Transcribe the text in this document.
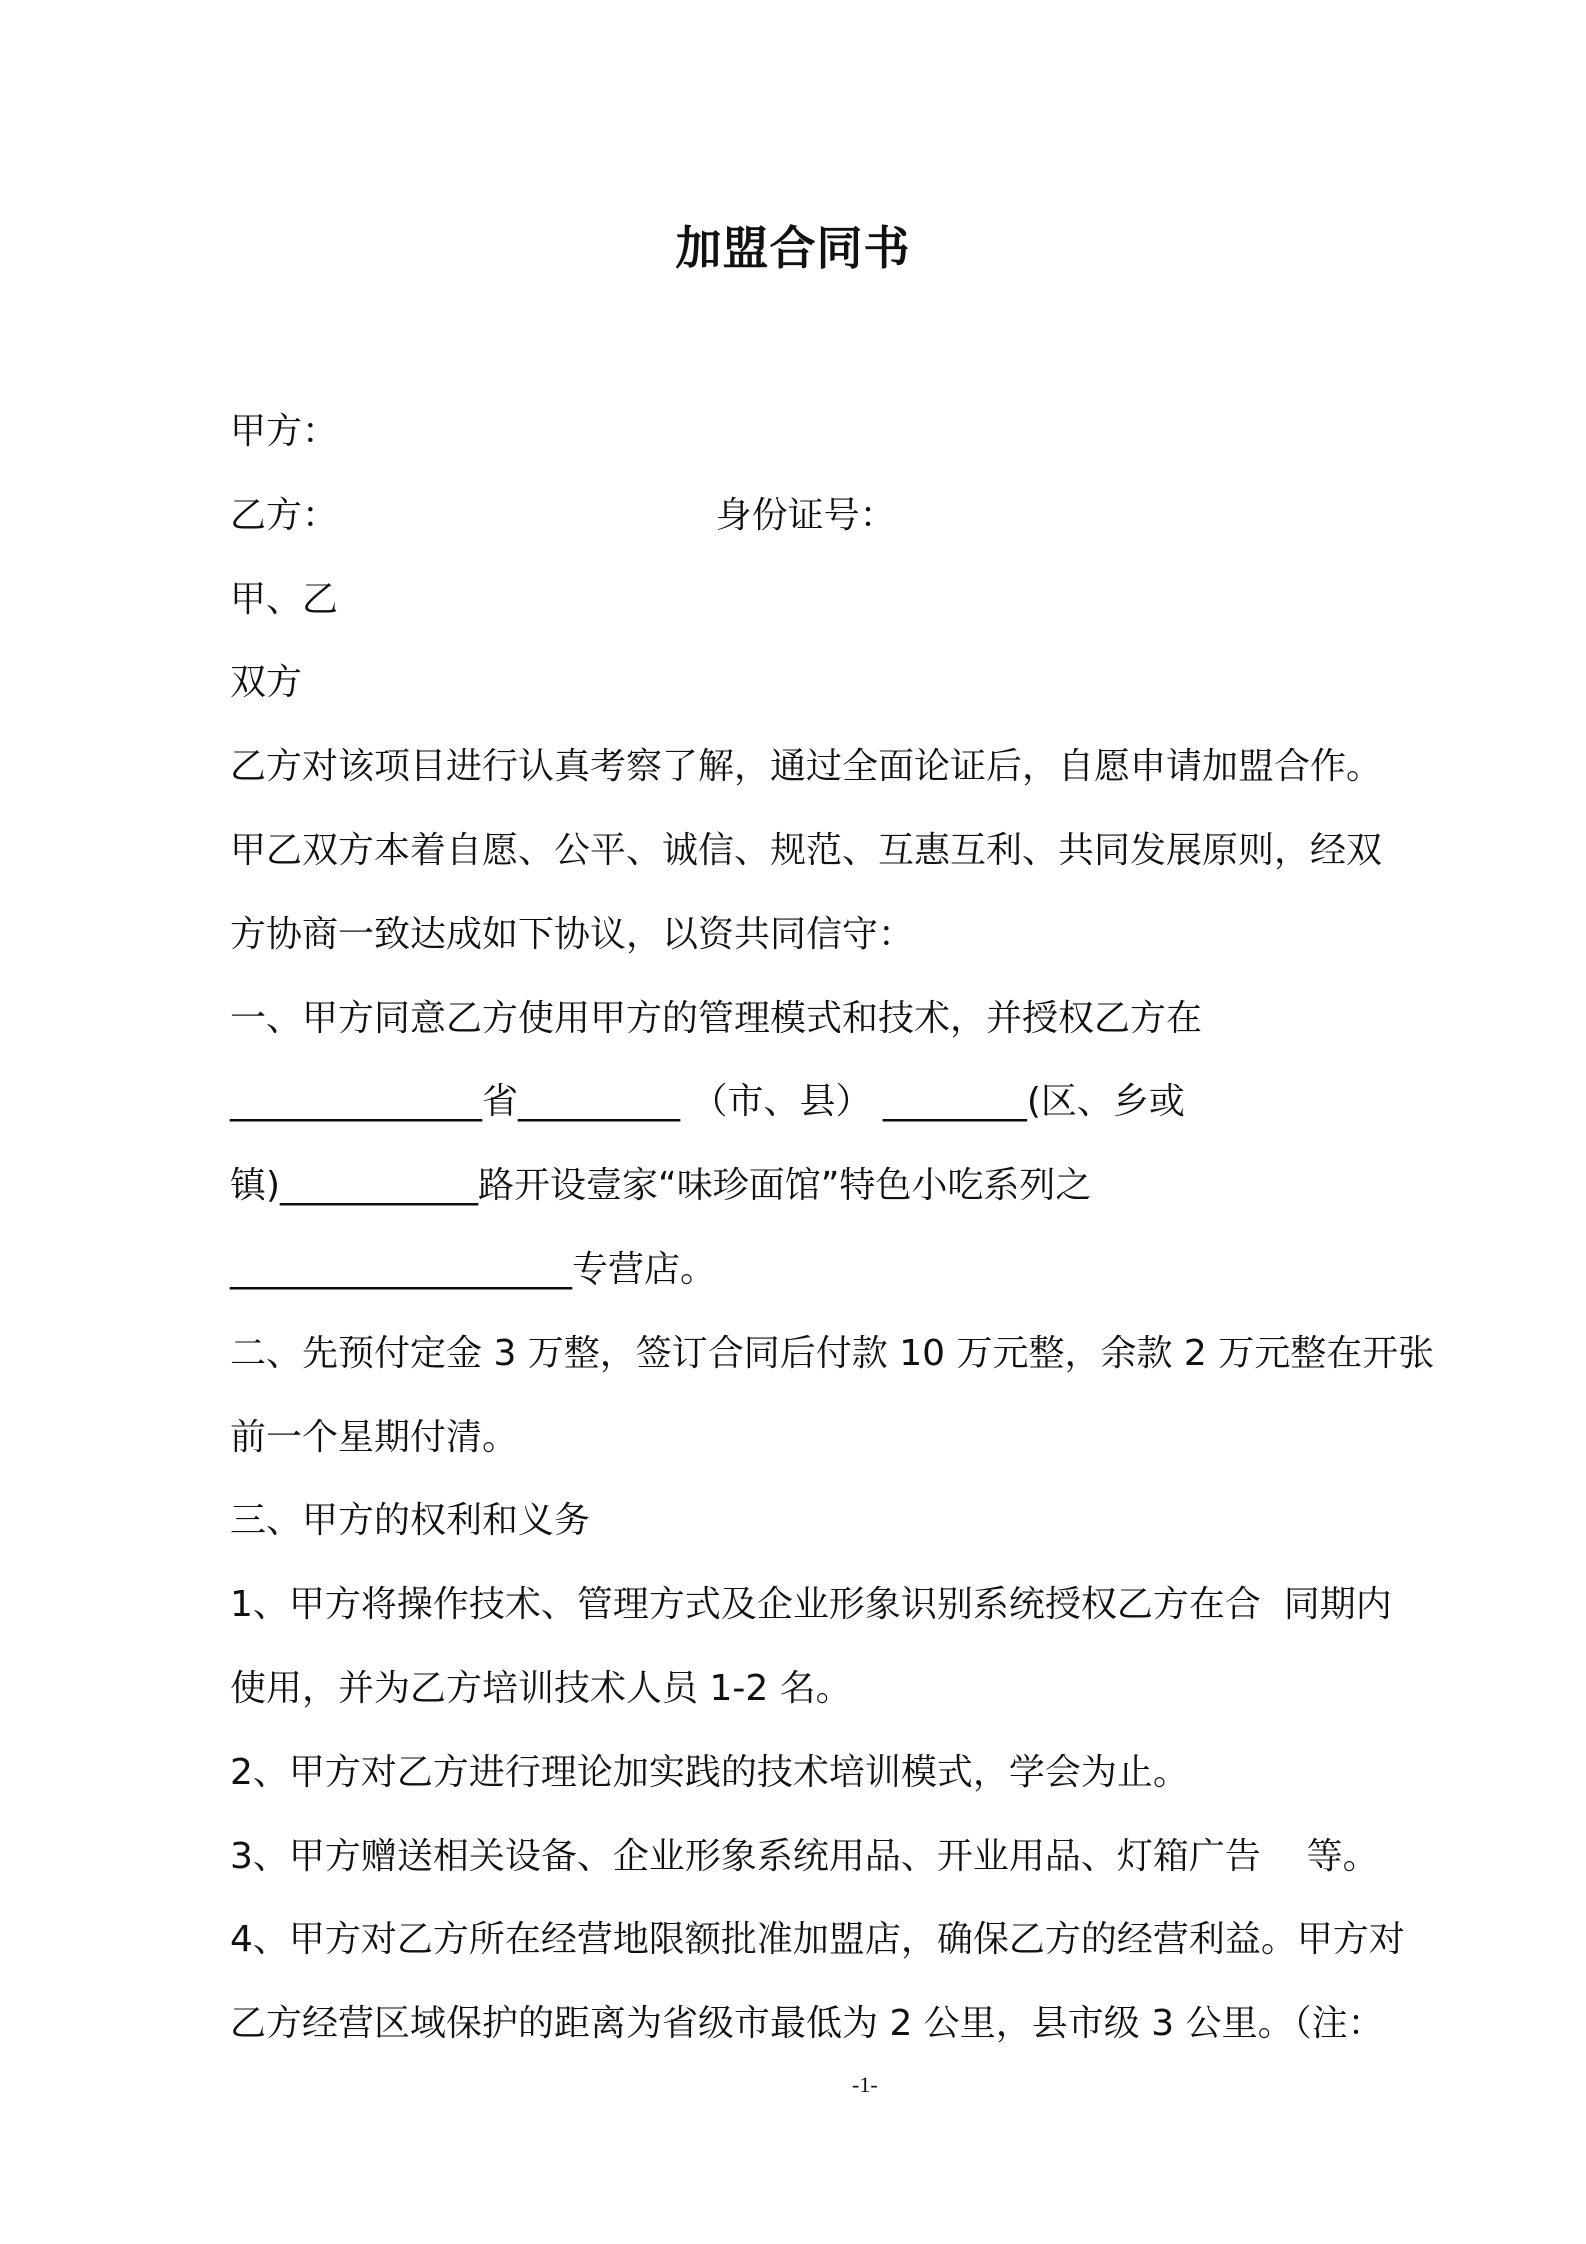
加盟合同书
甲方：
乙方：                                 身份证号：
甲、乙
双方
乙方对该项目进行认真考察了解，通过全面论证后，自愿申请加盟合作。
甲乙双方本着自愿、公平、诚信、规范、互惠互利、共同发展原则，经双
方协商一致达成如下协议，以资共同信守：
一、甲方同意乙方使用甲方的管理模式和技术，并授权乙方在
______________省_________ （市、县） ________(区、乡或
镇)___________路开设壹家“味珍面馆”特色小吃系列之
___________________专营店。
二、先预付定金 3 万整，签订合同后付款 10 万元整，余款 2 万元整在开张
前一个星期付清。
三、甲方的权利和义务
1、甲方将操作技术、管理方式及企业形象识别系统授权乙方在合  同期内
使用，并为乙方培训技术人员 1-2 名。
2、甲方对乙方进行理论加实践的技术培训模式，学会为止。
3、甲方赠送相关设备、企业形象系统用品、开业用品、灯箱广告    等。
4、甲方对乙方所在经营地限额批准加盟店，确保乙方的经营利益。甲方对
乙方经营区域保护的距离为省级市最低为 2 公里，县市级 3 公里。（注：
-1-
